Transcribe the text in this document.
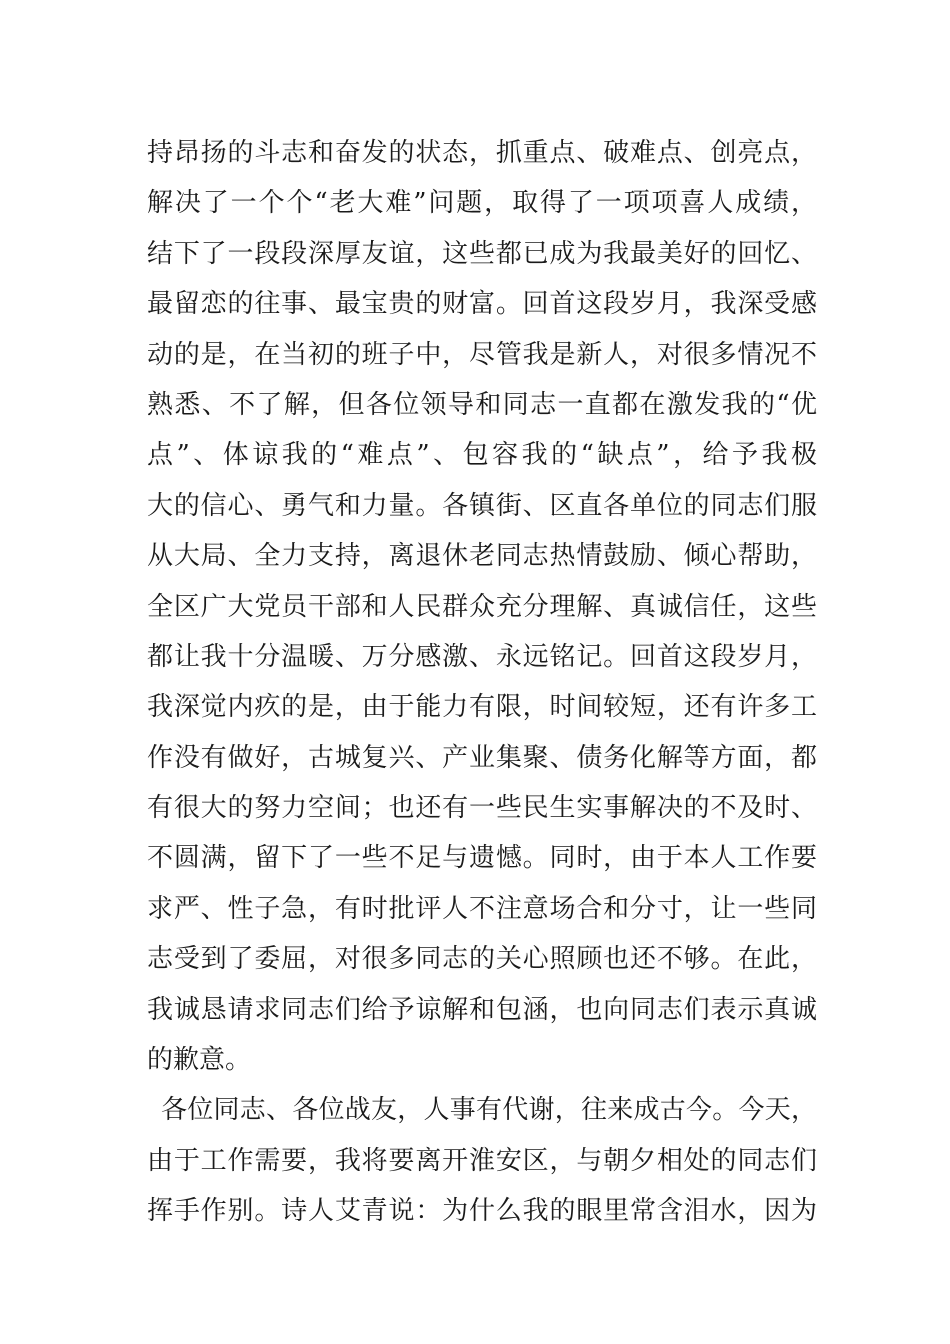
持昂扬的斗志和奋发的状态，抓重点、破难点、创亮点，
解决了一个个“老大难”问题，取得了一项项喜人成绩，
结下了一段段深厚友谊，这些都已成为我最美好的回忆、
最留恋的往事、最宝贵的财富。回首这段岁月，我深受感
动的是，在当初的班子中，尽管我是新人，对很多情况不
熟悉、不了解，但各位领导和同志一直都在激发我的“优
点”、体谅我的“难点”、包容我的“缺点”，给予我极
大的信心、勇气和力量。各镇街、区直各单位的同志们服
从大局、全力支持，离退休老同志热情鼓励、倾心帮助，
全区广大党员干部和人民群众充分理解、真诚信任，这些
都让我十分温暖、万分感激、永远铭记。回首这段岁月，
我深觉内疚的是，由于能力有限，时间较短，还有许多工
作没有做好，古城复兴、产业集聚、债务化解等方面，都
有很大的努力空间；也还有一些民生实事解决的不及时、
不圆满，留下了一些不足与遗憾。同时，由于本人工作要
求严、性子急，有时批评人不注意场合和分寸，让一些同
志受到了委屈，对很多同志的关心照顾也还不够。在此，
我诚恳请求同志们给予谅解和包涵，也向同志们表示真诚
的歉意。
各位同志、各位战友，人事有代谢，往来成古今。今天，
由于工作需要，我将要离开淮安区，与朝夕相处的同志们
挥手作别。诗人艾青说：为什么我的眼里常含泪水，因为
